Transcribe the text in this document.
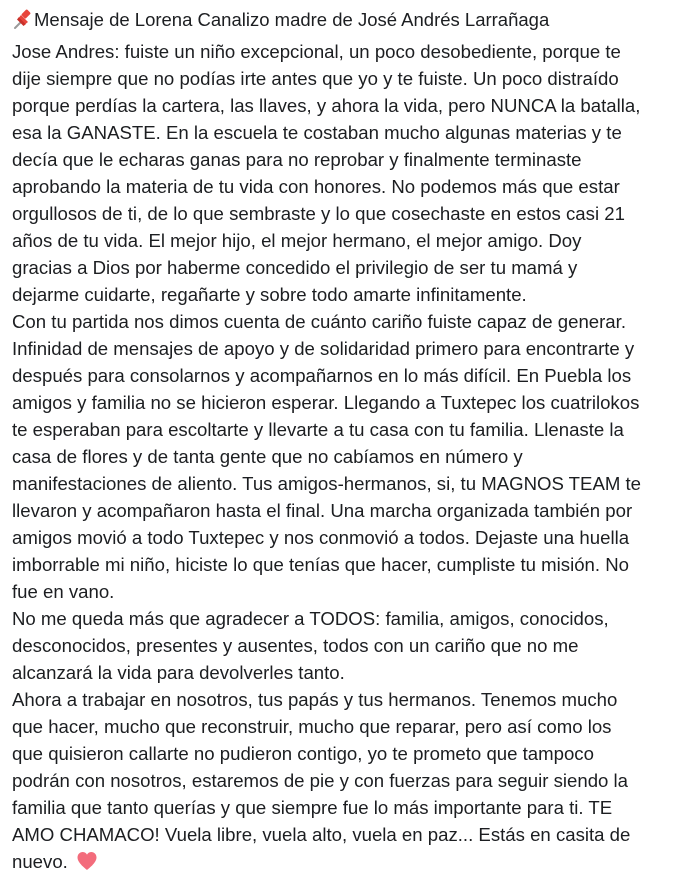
Mensaje de Lorena Canalizo madre de José Andrés Larrañaga
Jose Andres: fuiste un niño excepcional, un poco desobediente, porque te
dije siempre que no podías irte antes que yo y te fuiste. Un poco distraído
porque perdías la cartera, las llaves, y ahora la vida, pero NUNCA la batalla,
esa la GANASTE. En la escuela te costaban mucho algunas materias y te
decía que le echaras ganas para no reprobar y finalmente terminaste
aprobando la materia de tu vida con honores. No podemos más que estar
orgullosos de ti, de lo que sembraste y lo que cosechaste en estos casi 21
años de tu vida. El mejor hijo, el mejor hermano, el mejor amigo. Doy
gracias a Dios por haberme concedido el privilegio de ser tu mamá y
dejarme cuidarte, regañarte y sobre todo amarte infinitamente.
Con tu partida nos dimos cuenta de cuánto cariño fuiste capaz de generar.
Infinidad de mensajes de apoyo y de solidaridad primero para encontrarte y
después para consolarnos y acompañarnos en lo más difícil. En Puebla los
amigos y familia no se hicieron esperar. Llegando a Tuxtepec los cuatrilokos
te esperaban para escoltarte y llevarte a tu casa con tu familia. Llenaste la
casa de flores y de tanta gente que no cabíamos en número y
manifestaciones de aliento. Tus amigos-hermanos, si, tu MAGNOS TEAM te
llevaron y acompañaron hasta el final. Una marcha organizada también por
amigos movió a todo Tuxtepec y nos conmovió a todos. Dejaste una huella
imborrable mi niño, hiciste lo que tenías que hacer, cumpliste tu misión. No
fue en vano.
No me queda más que agradecer a TODOS: familia, amigos, conocidos,
desconocidos, presentes y ausentes, todos con un cariño que no me
alcanzará la vida para devolverles tanto.
Ahora a trabajar en nosotros, tus papás y tus hermanos. Tenemos mucho
que hacer, mucho que reconstruir, mucho que reparar, pero así como los
que quisieron callarte no pudieron contigo, yo te prometo que tampoco
podrán con nosotros, estaremos de pie y con fuerzas para seguir siendo la
familia que tanto querías y que siempre fue lo más importante para ti. TE
AMO CHAMACO! Vuela libre, vuela alto, vuela en paz... Estás en casita de
nuevo.
